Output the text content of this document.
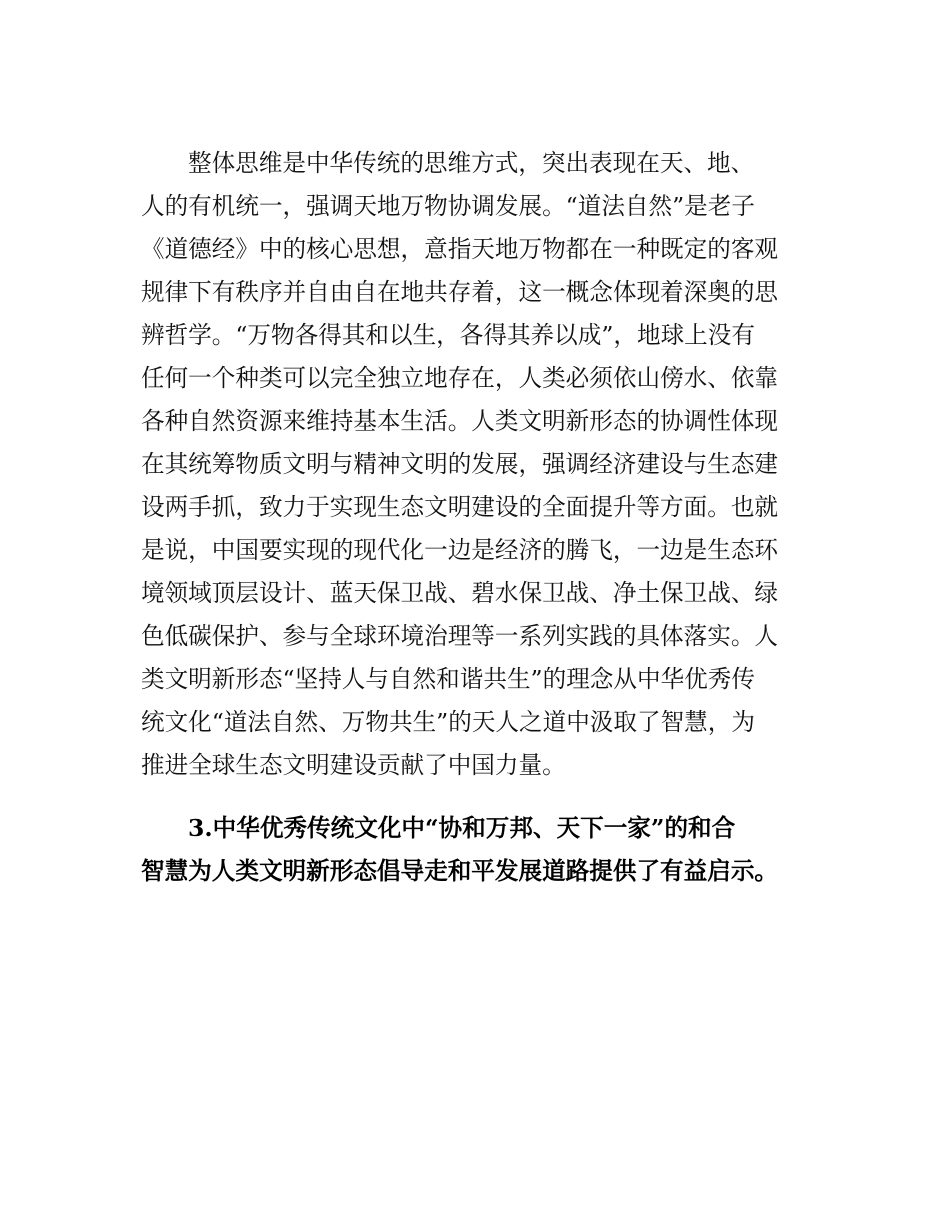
整体思维是中华传统的思维方式，突出表现在天、地、
人的有机统一，强调天地万物协调发展。“道法自然”是老子
《道德经》中的核心思想，意指天地万物都在一种既定的客观
规律下有秩序并自由自在地共存着，这一概念体现着深奥的思
辨哲学。“万物各得其和以生，各得其养以成”，地球上没有
任何一个种类可以完全独立地存在，人类必须依山傍水、依靠
各种自然资源来维持基本生活。人类文明新形态的协调性体现
在其统筹物质文明与精神文明的发展，强调经济建设与生态建
设两手抓，致力于实现生态文明建设的全面提升等方面。也就
是说，中国要实现的现代化一边是经济的腾飞，一边是生态环
境领域顶层设计、蓝天保卫战、碧水保卫战、净土保卫战、绿
色低碳保护、参与全球环境治理等一系列实践的具体落实。人
类文明新形态“坚持人与自然和谐共生”的理念从中华优秀传
统文化“道法自然、万物共生”的天人之道中汲取了智慧，为
推进全球生态文明建设贡献了中国力量。
3.中华优秀传统文化中“协和万邦、天下一家”的和合
智慧为人类文明新形态倡导走和平发展道路提供了有益启示。
